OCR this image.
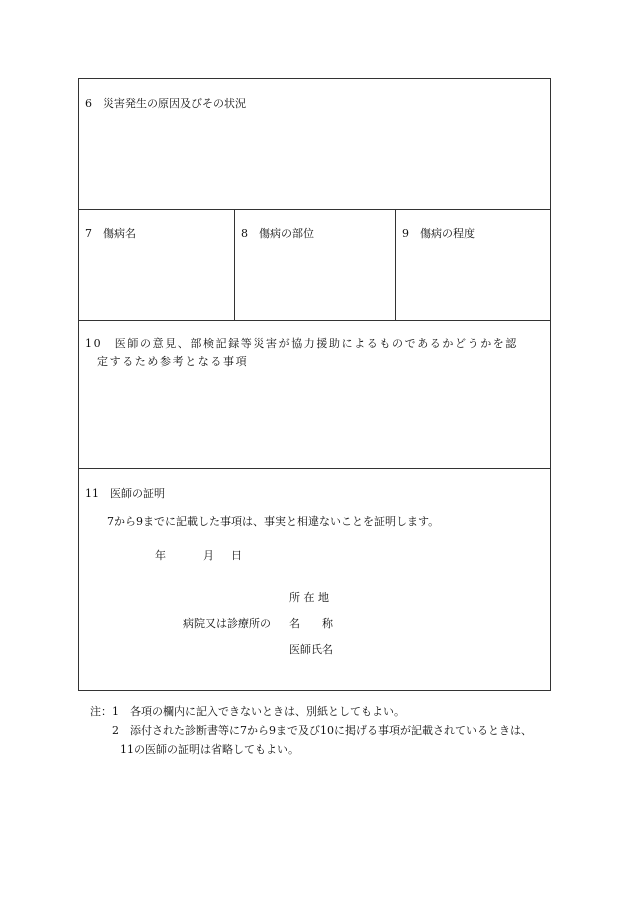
6　災害発生の原因及びその状況
7　傷病名	8　傷病の部位	9　傷病の程度
10　医師の意見、部検記録等災害が協力援助によるものであるかどうかを認
定するため参考となる事項
11　医師の証明
7から9までに記載した事項は、事実と相違ないことを証明します。
年	月 日
所 在 地
病院又は診療所の 名　　称
医師氏名
注：1　各項の欄内に記入できないときは、別紙としてもよい。
2　添付された診断書等に7から9まで及び10に掲げる事項が記載されているときは、
11の医師の証明は省略してもよい。
